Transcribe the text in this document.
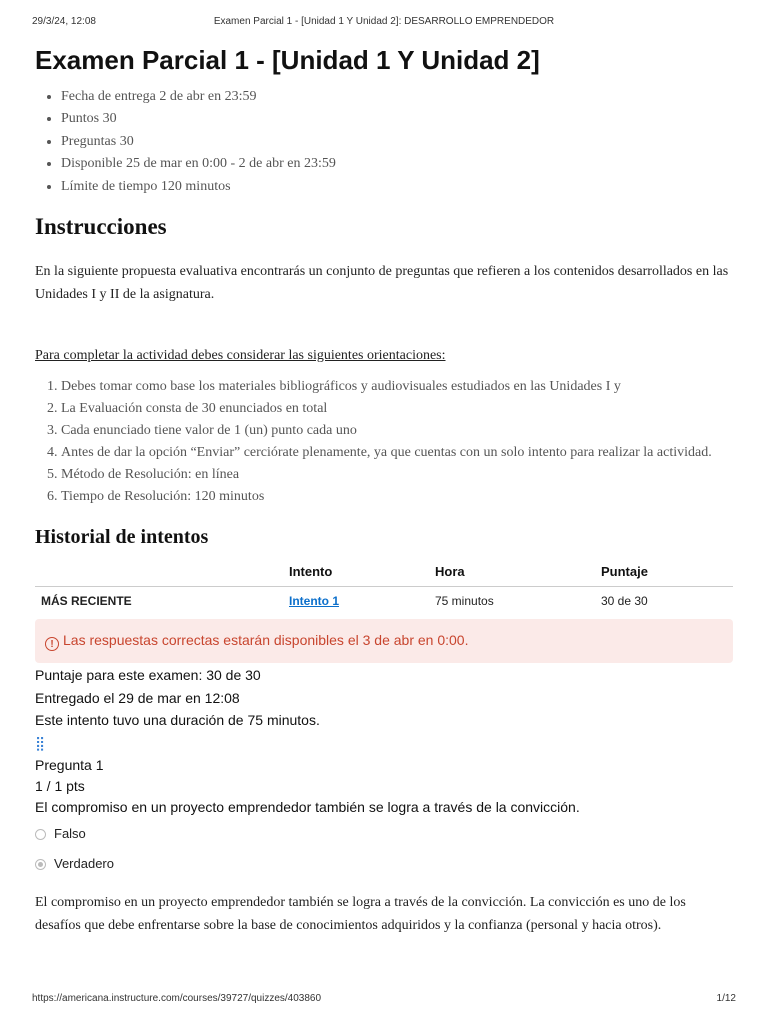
29/3/24, 12:08	Examen Parcial 1 - [Unidad 1 Y Unidad 2]: DESARROLLO EMPRENDEDOR
Examen Parcial 1 - [Unidad 1 Y Unidad 2]
• Fecha de entrega 2 de abr en 23:59
• Puntos 30
• Preguntas 30
• Disponible 25 de mar en 0:00 - 2 de abr en 23:59
• Límite de tiempo 120 minutos
Instrucciones

En la siguiente propuesta evaluativa encontrarás un conjunto de preguntas que refieren a los contenidos desarrollados en las Unidades I y II de la asignatura.

Para completar la actividad debes considerar las siguientes orientaciones:

1. Debes tomar como base los materiales bibliográficos y audiovisuales estudiados en las Unidades I y
2. La Evaluación consta de 30 enunciados en total
3. Cada enunciado tiene valor de 1 (un) punto cada uno
4. Antes de dar la opción “Enviar” cerciórate plenamente, ya que cuentas con un solo intento para realizar la actividad.
5. Método de Resolución: en línea
6. Tiempo de Resolución: 120 minutos
Historial de intentos
	Intento	Hora	Puntaje
MÁS RECIENTE	Intento 1	75 minutos	30 de 30
! Las respuestas correctas estarán disponibles el 3 de abr en 0:00.
Puntaje para este examen: 30 de 30
Entregado el 29 de mar en 12:08
Este intento tuvo una duración de 75 minutos.
⣿
Pregunta 1
1 / 1 pts
El compromiso en un proyecto emprendedor también se logra a través de la convicción.
Falso
Verdadero

El compromiso en un proyecto emprendedor también se logra a través de la convicción. La convicción es uno de los desafíos que debe enfrentarse sobre la base de conocimientos adquiridos y la confianza (personal y hacia otros).

https://americana.instructure.com/courses/39727/quizzes/403860	1/12
